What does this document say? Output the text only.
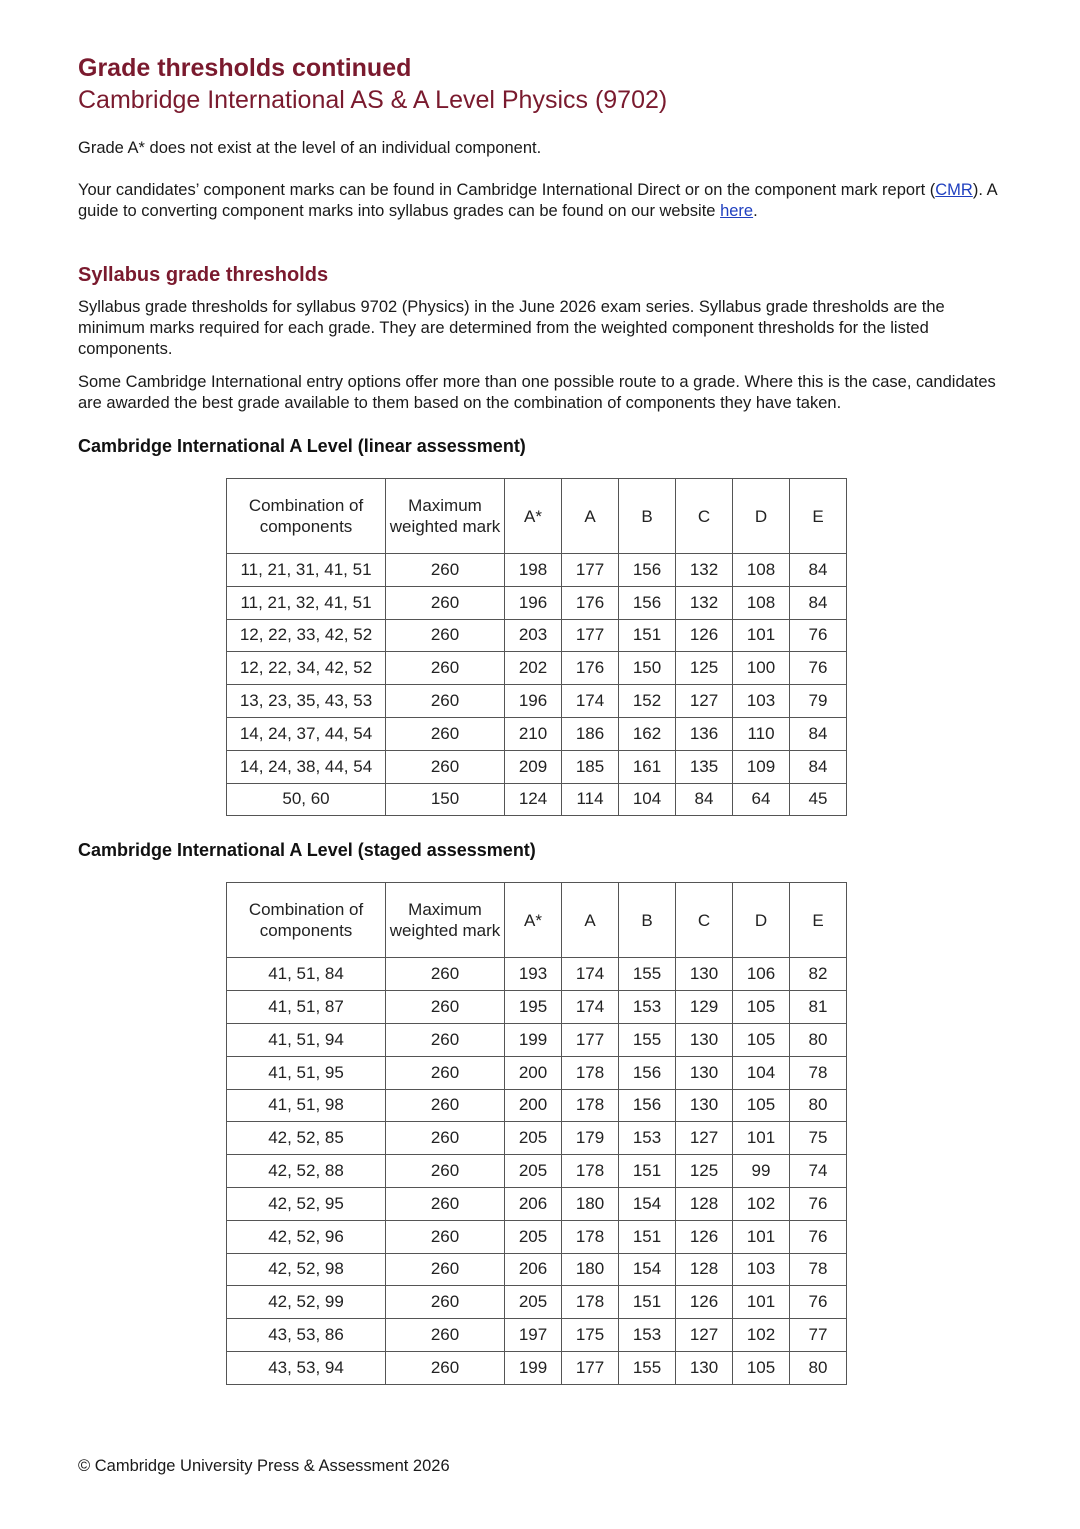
Grade thresholds continued

Cambridge International AS & A Level Physics (9702)

Grade A* does not exist at the level of an individual component.

Your candidates’ component marks can be found in Cambridge International Direct or on the component mark report (CMR). A guide to converting component marks into syllabus grades can be found on our website here.

Syllabus grade thresholds

Syllabus grade thresholds for syllabus 9702 (Physics) in the June 2026 exam series. Syllabus grade thresholds are the minimum marks required for each grade. They are determined from the weighted component thresholds for the listed components.

Some Cambridge International entry options offer more than one possible route to a grade. Where this is the case, candidates are awarded the best grade available to them based on the combination of components they have taken.

Cambridge International A Level (linear assessment)
Combination of components	Maximum weighted mark	A*	A	B	C	D	E
11, 21, 31, 41, 51	260	198	177	156	132	108	84
11, 21, 32, 41, 51	260	196	176	156	132	108	84
12, 22, 33, 42, 52	260	203	177	151	126	101	76
12, 22, 34, 42, 52	260	202	176	150	125	100	76
13, 23, 35, 43, 53	260	196	174	152	127	103	79
14, 24, 37, 44, 54	260	210	186	162	136	110	84
14, 24, 38, 44, 54	260	209	185	161	135	109	84
50, 60	150	124	114	104	84	64	45
Cambridge International A Level (staged assessment)
Combination of components	Maximum weighted mark	A*	A	B	C	D	E
41, 51, 84	260	193	174	155	130	106	82
41, 51, 87	260	195	174	153	129	105	81
41, 51, 94	260	199	177	155	130	105	80
41, 51, 95	260	200	178	156	130	104	78
41, 51, 98	260	200	178	156	130	105	80
42, 52, 85	260	205	179	153	127	101	75
42, 52, 88	260	205	178	151	125	99	74
42, 52, 95	260	206	180	154	128	102	76
42, 52, 96	260	205	178	151	126	101	76
42, 52, 98	260	206	180	154	128	103	78
42, 52, 99	260	205	178	151	126	101	76
43, 53, 86	260	197	175	153	127	102	77
43, 53, 94	260	199	177	155	130	105	80
© Cambridge University Press & Assessment 2026
